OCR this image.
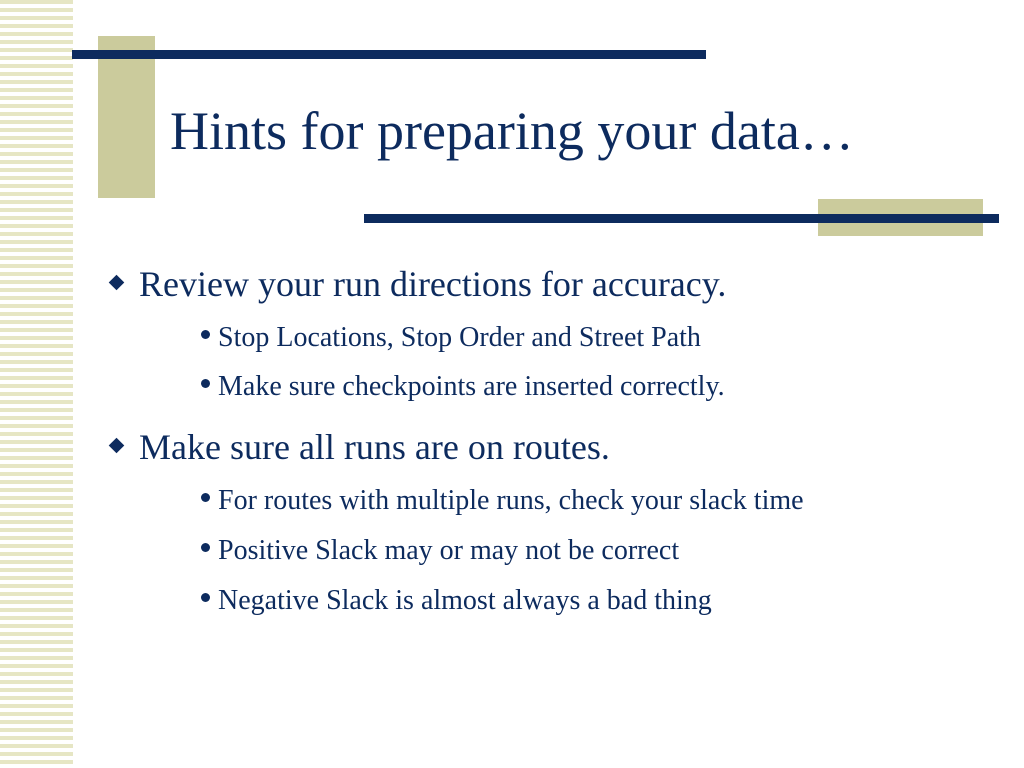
Hints for preparing your data…
Review your run directions for accuracy.
Stop Locations, Stop Order and Street Path
Make sure checkpoints are inserted correctly.
Make sure all runs are on routes.
For routes with multiple runs, check your slack time
Positive Slack may or may not be correct
Negative Slack is almost always a bad thing
